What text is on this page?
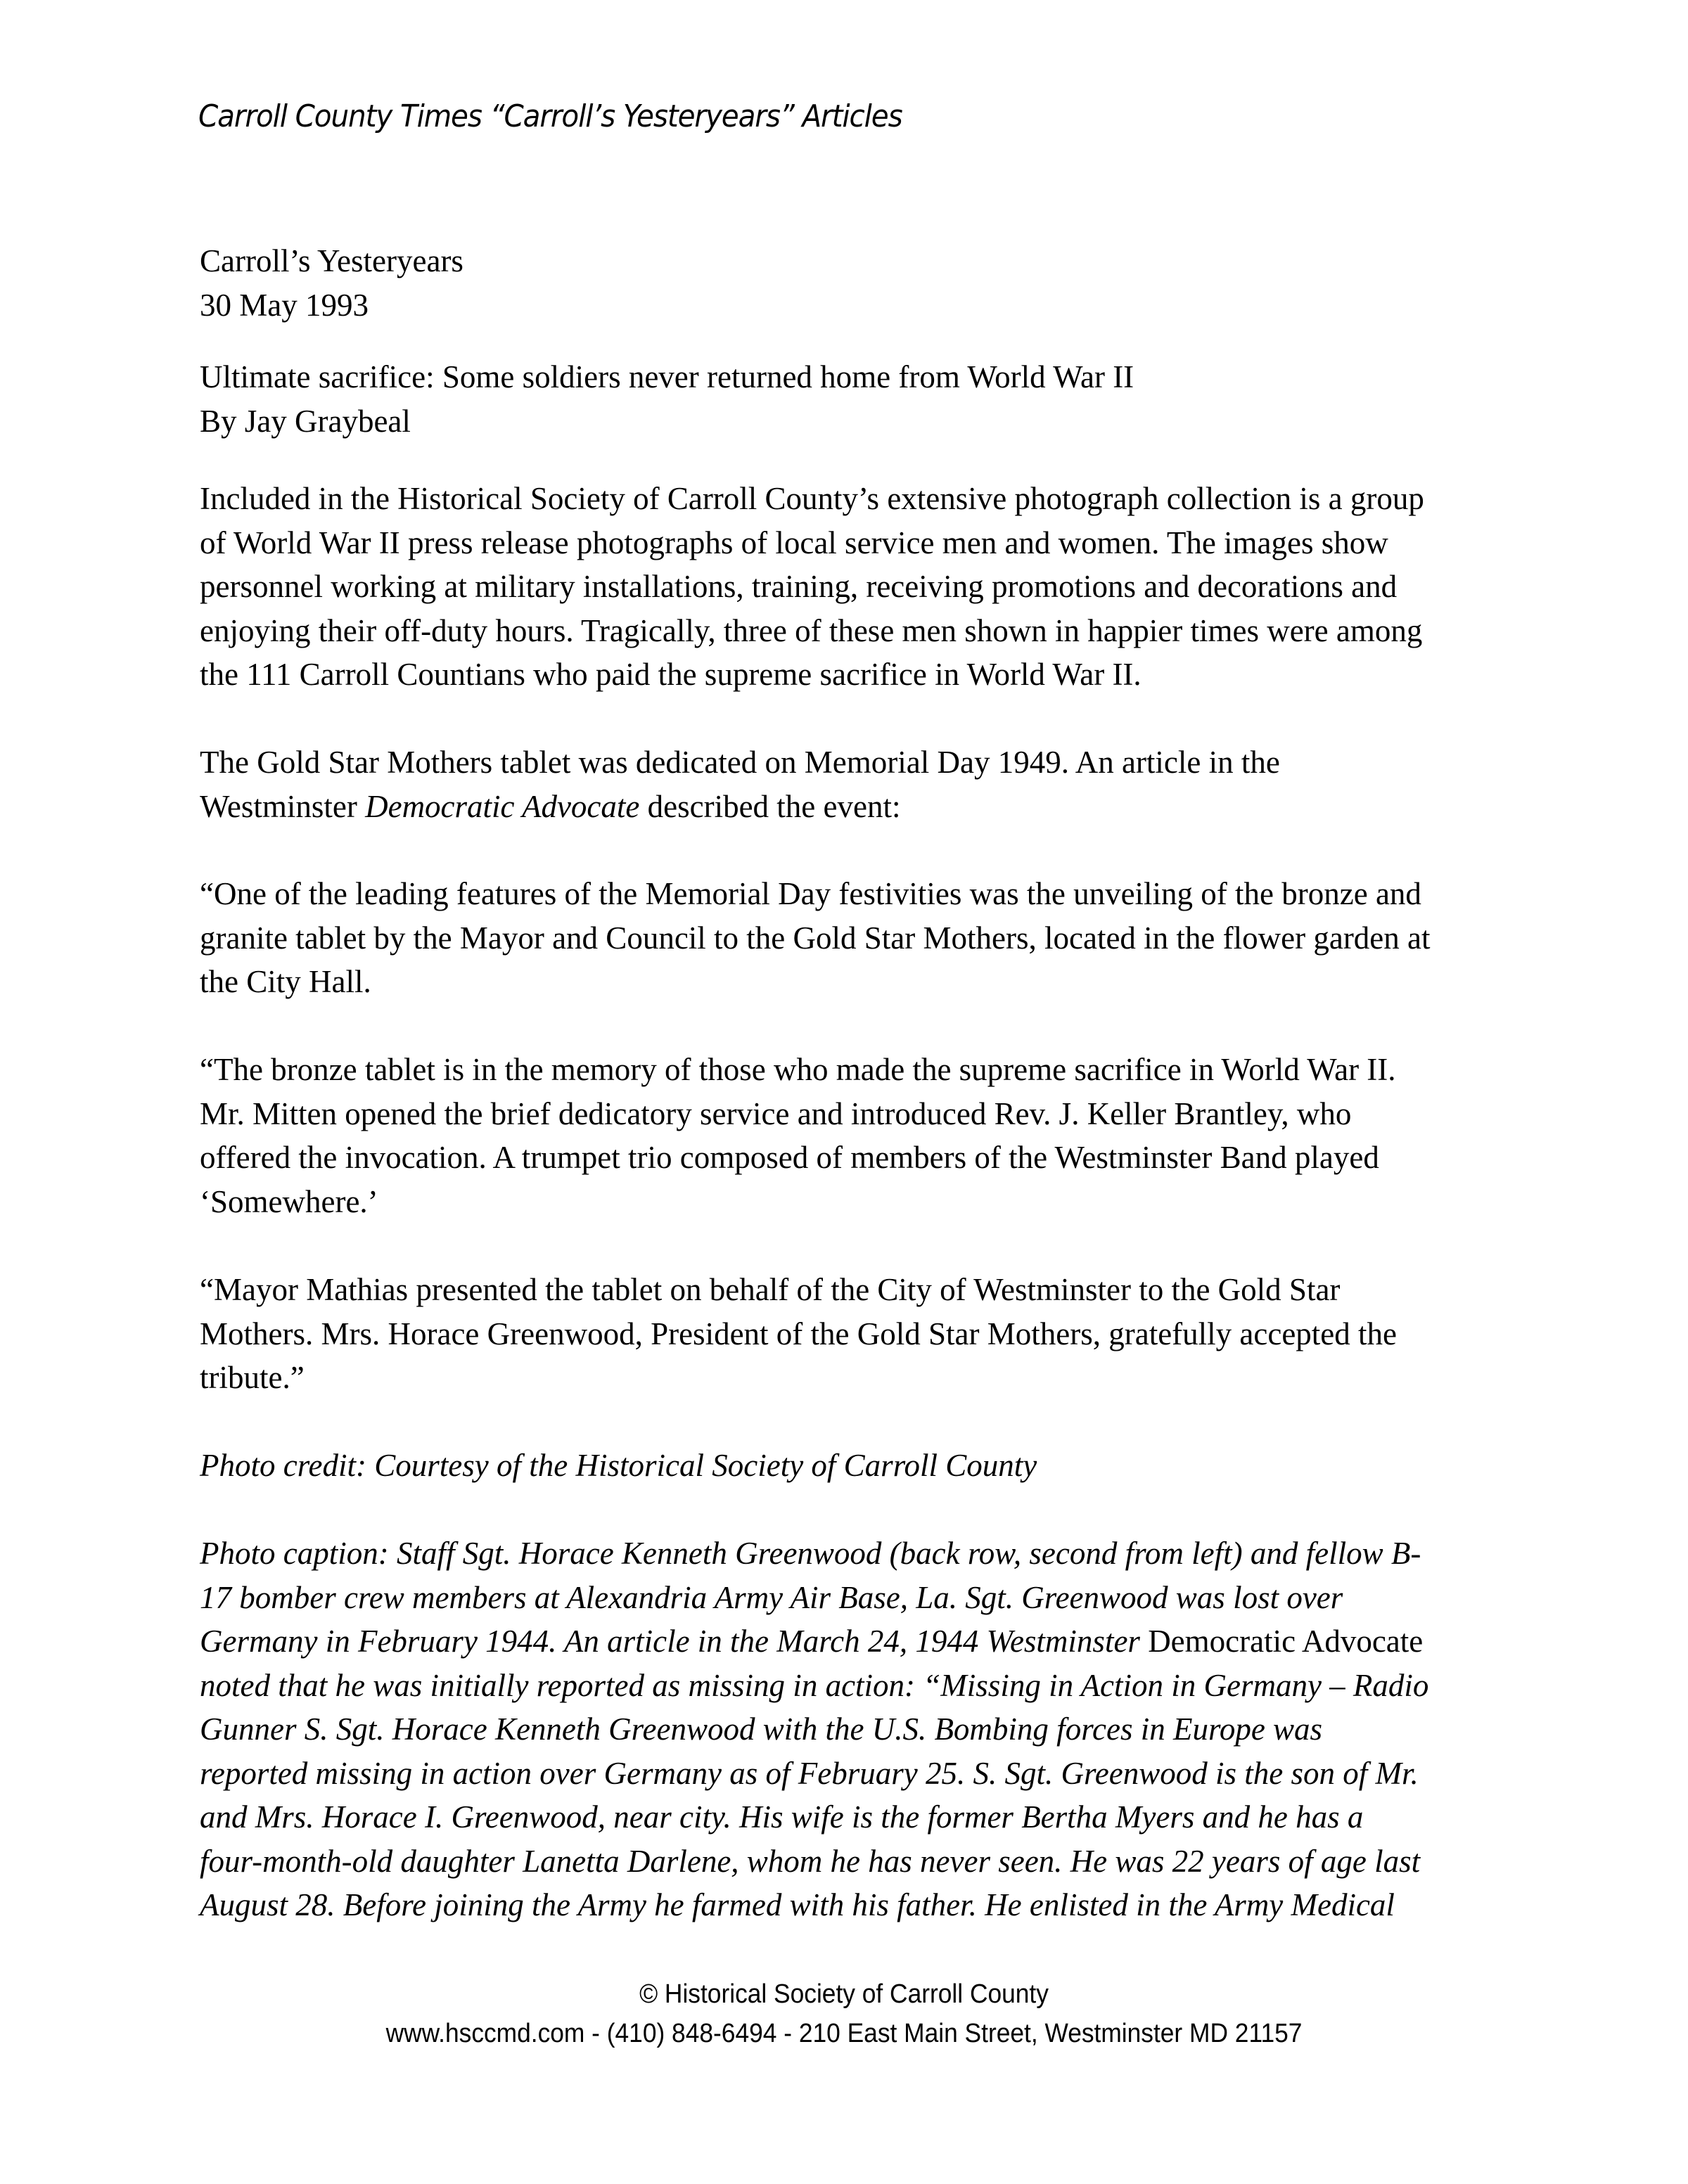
Carroll County Times “Carroll’s Yesteryears” Articles
Carroll’s Yesteryears
30 May 1993
Ultimate sacrifice: Some soldiers never returned home from World War II
By Jay Graybeal
Included in the Historical Society of Carroll County’s extensive photograph collection is a group
of World War II press release photographs of local service men and women. The images show
personnel working at military installations, training, receiving promotions and decorations and
enjoying their off-duty hours. Tragically, three of these men shown in happier times were among
the 111 Carroll Countians who paid the supreme sacrifice in World War II.
The Gold Star Mothers tablet was dedicated on Memorial Day 1949. An article in the
Westminster Democratic Advocate described the event:
“One of the leading features of the Memorial Day festivities was the unveiling of the bronze and
granite tablet by the Mayor and Council to the Gold Star Mothers, located in the flower garden at
the City Hall.
“The bronze tablet is in the memory of those who made the supreme sacrifice in World War II.
Mr. Mitten opened the brief dedicatory service and introduced Rev. J. Keller Brantley, who
offered the invocation. A trumpet trio composed of members of the Westminster Band played
‘Somewhere.’
“Mayor Mathias presented the tablet on behalf of the City of Westminster to the Gold Star
Mothers. Mrs. Horace Greenwood, President of the Gold Star Mothers, gratefully accepted the
tribute.”
Photo credit: Courtesy of the Historical Society of Carroll County
Photo caption: Staff Sgt. Horace Kenneth Greenwood (back row, second from left) and fellow B-
17 bomber crew members at Alexandria Army Air Base, La. Sgt. Greenwood was lost over
Germany in February 1944. An article in the March 24, 1944 Westminster Democratic Advocate
noted that he was initially reported as missing in action: “Missing in Action in Germany – Radio
Gunner S. Sgt. Horace Kenneth Greenwood with the U.S. Bombing forces in Europe was
reported missing in action over Germany as of February 25. S. Sgt. Greenwood is the son of Mr.
and Mrs. Horace I. Greenwood, near city. His wife is the former Bertha Myers and he has a
four-month-old daughter Lanetta Darlene, whom he has never seen. He was 22 years of age last
August 28. Before joining the Army he farmed with his father. He enlisted in the Army Medical
© Historical Society of Carroll County
www.hsccmd.com - (410) 848-6494 - 210 East Main Street, Westminster MD 21157
